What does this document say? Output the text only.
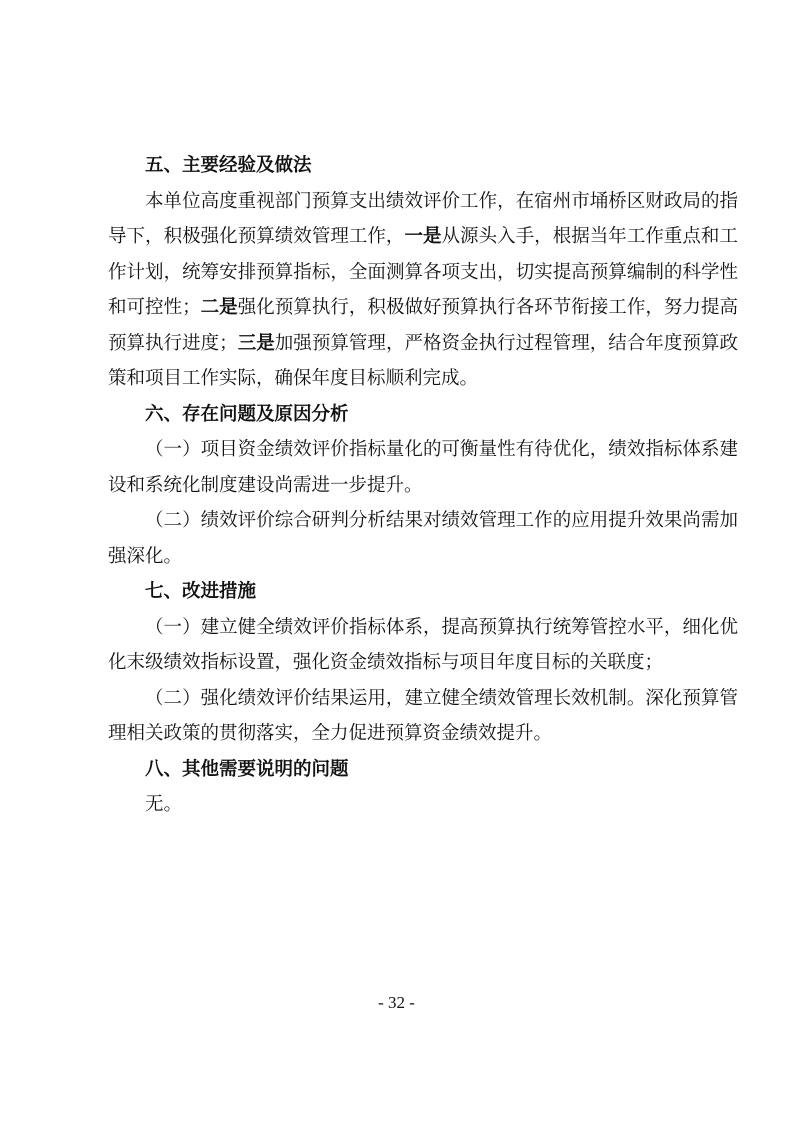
五、主要经验及做法

本单位高度重视部门预算支出绩效评价工作，在宿州市埇桥区财政局的指导下，积极强化预算绩效管理工作，一是从源头入手，根据当年工作重点和工作计划，统筹安排预算指标，全面测算各项支出，切实提高预算编制的科学性和可控性；二是强化预算执行，积极做好预算执行各环节衔接工作，努力提高预算执行进度；三是加强预算管理，严格资金执行过程管理，结合年度预算政策和项目工作实际，确保年度目标顺利完成。

六、存在问题及原因分析

（一）项目资金绩效评价指标量化的可衡量性有待优化，绩效指标体系建设和系统化制度建设尚需进一步提升。

（二）绩效评价综合研判分析结果对绩效管理工作的应用提升效果尚需加强深化。

七、改进措施

（一）建立健全绩效评价指标体系，提高预算执行统筹管控水平，细化优化末级绩效指标设置，强化资金绩效指标与项目年度目标的关联度；

（二）强化绩效评价结果运用，建立健全绩效管理长效机制。深化预算管理相关政策的贯彻落实，全力促进预算资金绩效提升。

八、其他需要说明的问题

无。

- 32 -
